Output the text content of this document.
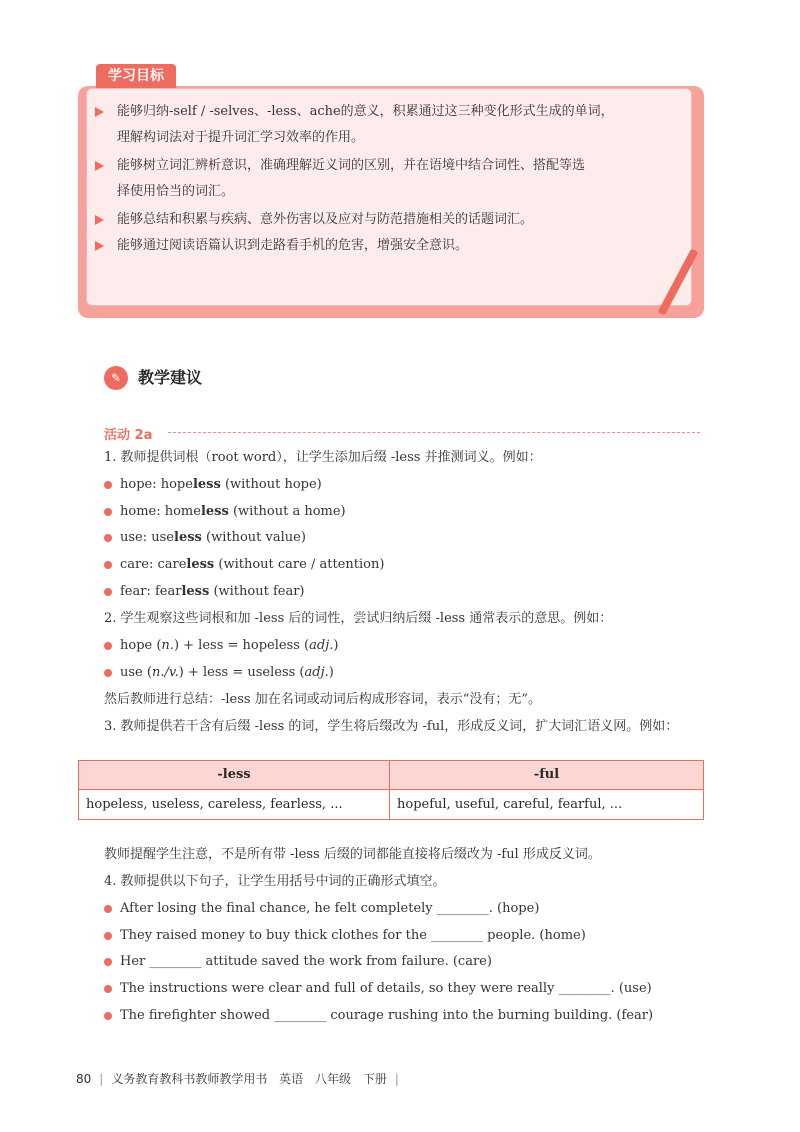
能够归纳-self / -selves、-less、ache的意义，积累通过这三种变化形式生成的单词，
理解构词法对于提升词汇学习效率的作用。
能够树立词汇辨析意识，准确理解近义词的区别，并在语境中结合词性、搭配等选
择使用恰当的词汇。
能够总结和积累与疾病、意外伤害以及应对与防范措施相关的话题词汇。
能够通过阅读语篇认识到走路看手机的危害，增强安全意识。
学习目标
✎	教学建议
活动 2a
1. 教师提供词根（root word），让学生添加后缀 -less 并推测词义。例如：
hope: hopeless (without hope)
home: homeless (without a home)
use: useless (without value)
care: careless (without care / attention)
fear: fearless (without fear)
2. 学生观察这些词根和加 -less 后的词性，尝试归纳后缀 -less 通常表示的意思。例如：
hope (n.) + less = hopeless (adj.)
use (n./v.) + less = useless (adj.)
然后教师进行总结：-less 加在名词或动词后构成形容词，表示“没有；无”。
3. 教师提供若干含有后缀 -less 的词，学生将后缀改为 -ful，形成反义词，扩大词汇语义网。例如：
-less	-ful
hopeless, useless, careless, fearless, ...	hopeful, useful, careful, fearful, ...
教师提醒学生注意，不是所有带 -less 后缀的词都能直接将后缀改为 -ful 形成反义词。
4. 教师提供以下句子，让学生用括号中词的正确形式填空。
After losing the final chance, he felt completely ________. (hope)
They raised money to buy thick clothes for the ________ people. (home)
Her ________ attitude saved the work from failure. (care)
The instructions were clear and full of details, so they were really ________. (use)
The firefighter showed ________ courage rushing into the burning building. (fear)
80 | 义务教育教科书教师教学用书 英语 八年级 下册 |
